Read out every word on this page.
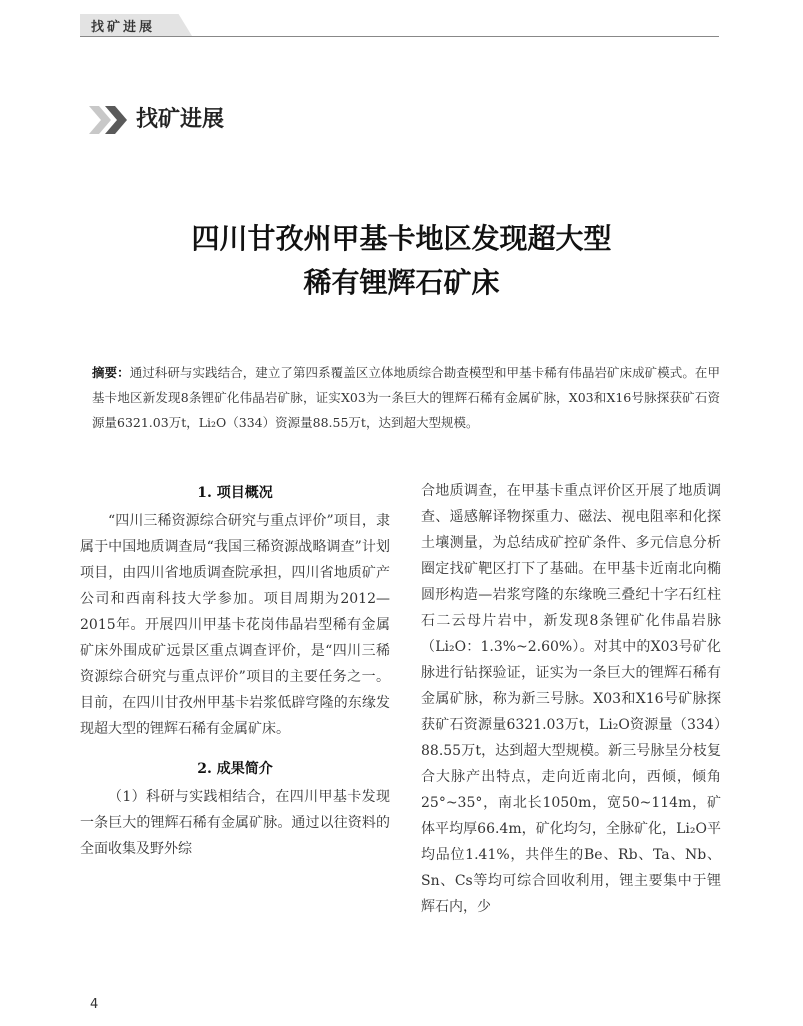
找矿进展
找矿进展
四川甘孜州甲基卡地区发现超大型
稀有锂辉石矿床
摘要：通过科研与实践结合，建立了第四系覆盖区立体地质综合勘查模型和甲基卡稀有伟晶岩矿床成矿模式。在甲基卡地区新发现8条锂矿化伟晶岩矿脉，证实X03为一条巨大的锂辉石稀有金属矿脉，X03和X16号脉探获矿石资源量6321.03万t，Li₂O（334）资源量88.55万t，达到超大型规模。

1. 项目概况

“四川三稀资源综合研究与重点评价”项目，隶属于中国地质调查局“我国三稀资源战略调查”计划项目，由四川省地质调查院承担，四川省地质矿产公司和西南科技大学参加。项目周期为2012—2015年。开展四川甲基卡花岗伟晶岩型稀有金属矿床外围成矿远景区重点调查评价，是“四川三稀资源综合研究与重点评价”项目的主要任务之一。目前，在四川甘孜州甲基卡岩浆低辟穹隆的东缘发现超大型的锂辉石稀有金属矿床。

2. 成果简介

（1）科研与实践相结合，在四川甲基卡发现一条巨大的锂辉石稀有金属矿脉。通过以往资料的全面收集及野外综

合地质调查，在甲基卡重点评价区开展了地质调查、遥感解译物探重力、磁法、视电阻率和化探土壤测量，为总结成矿控矿条件、多元信息分析圈定找矿靶区打下了基础。在甲基卡近南北向椭圆形构造—岩浆穹隆的东缘晚三叠纪十字石红柱石二云母片岩中，新发现8条锂矿化伟晶岩脉（Li₂O：1.3%~2.60%）。对其中的X03号矿化脉进行钻探验证，证实为一条巨大的锂辉石稀有金属矿脉，称为新三号脉。X03和X16号矿脉探获矿石资源量6321.03万t，Li₂O资源量（334）88.55万t，达到超大型规模。新三号脉呈分枝复合大脉产出特点，走向近南北向，西倾，倾角25°~35°，南北长1050m，宽50~114m，矿体平均厚66.4m，矿化均匀，全脉矿化，Li₂O平均品位1.41%，共伴生的Be、Rb、Ta、Nb、Sn、Cs等均可综合回收利用，锂主要集中于锂辉石内，少

4
